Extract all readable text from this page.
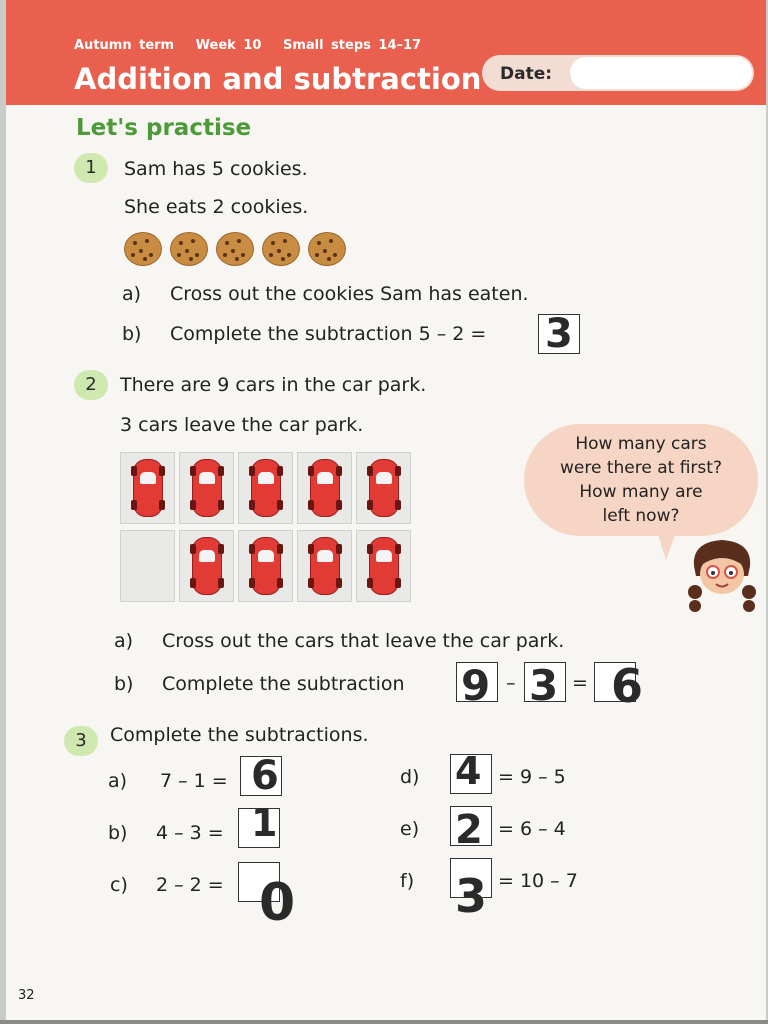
Autumn term Week 10 Small steps 14–17
Addition and subtraction Date:
Let's practise
1	Sam has 5 cookies.
She eats 2 cookies.
a) Cross out the cookies Sam has eaten.
b) Complete the subtraction 5 – 2 = 3
2	There are 9 cars in the car park.
3 cars leave the car park.
How many cars
were there at first?
How many are
left now?
a) Cross out the cars that leave the car park.
b) Complete the subtraction 9 – 3 = 6
3	Complete the subtractions.
a) 7 – 1 = 6
b) 4 – 3 = 1
c) 2 – 2 = 0
d) 4 = 9 – 5
e) 2 = 6 – 4
f) 3 = 10 – 7
32
